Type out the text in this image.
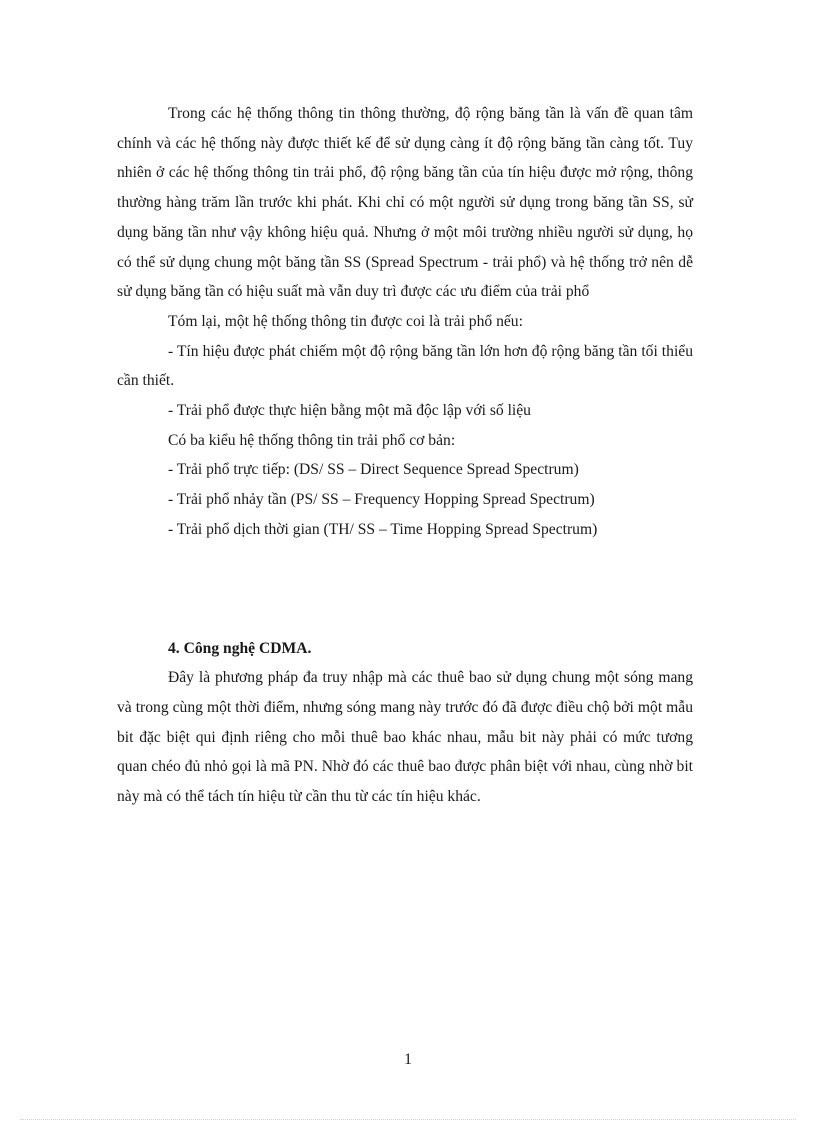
Trong các hệ thống thông tin thông thường, độ rộng băng tần là vấn đề quan tâm chính và các hệ thống này được thiết kế để sử dụng càng ít độ rộng băng tần càng tốt. Tuy nhiên ở các hệ thống thông tin trải phổ, độ rộng băng tần của tín hiệu được mở rộng, thông thường hàng trăm lần trước khi phát. Khi chỉ có một người sử dụng trong băng tần SS, sử dụng băng tần như vậy không hiệu quả. Nhưng ở một môi trường nhiều người sử dụng, họ có thể sử dụng chung một băng tần SS (Spread Spectrum - trải phổ) và hệ thống trở nên dễ sử dụng băng tần có hiệu suất mà vẫn duy trì được các ưu điểm của trải phổ

Tóm lại, một hệ thống thông tin được coi là trải phổ nếu:

- Tín hiệu được phát chiếm một độ rộng băng tần lớn hơn độ rộng băng tần tối thiểu cần thiết.

- Trải phổ được thực hiện bằng một mã độc lập với số liệu

Có ba kiểu hệ thống thông tin trải phổ cơ bản:

- Trải phổ trực tiếp: (DS/ SS – Direct Sequence Spread Spectrum)

- Trải phổ nhảy tần (PS/ SS – Frequency Hopping Spread Spectrum)

- Trải phổ dịch thời gian (TH/ SS – Time Hopping Spread Spectrum)

4. Công nghệ CDMA.

Đây là phương pháp đa truy nhập mà các thuê bao sử dụng chung một sóng mang và trong cùng một thời điểm, nhưng sóng mang này trước đó đã được điều chộ bởi một mẫu bit đặc biệt qui định riêng cho mỗi thuê bao khác nhau, mẫu bit này phải có mức tương quan chéo đủ nhỏ gọi là mã PN. Nhờ đó các thuê bao được phân biệt với nhau, cùng nhờ bit này mà có thể tách tín hiệu từ cần thu từ các tín hiệu khác.

1
